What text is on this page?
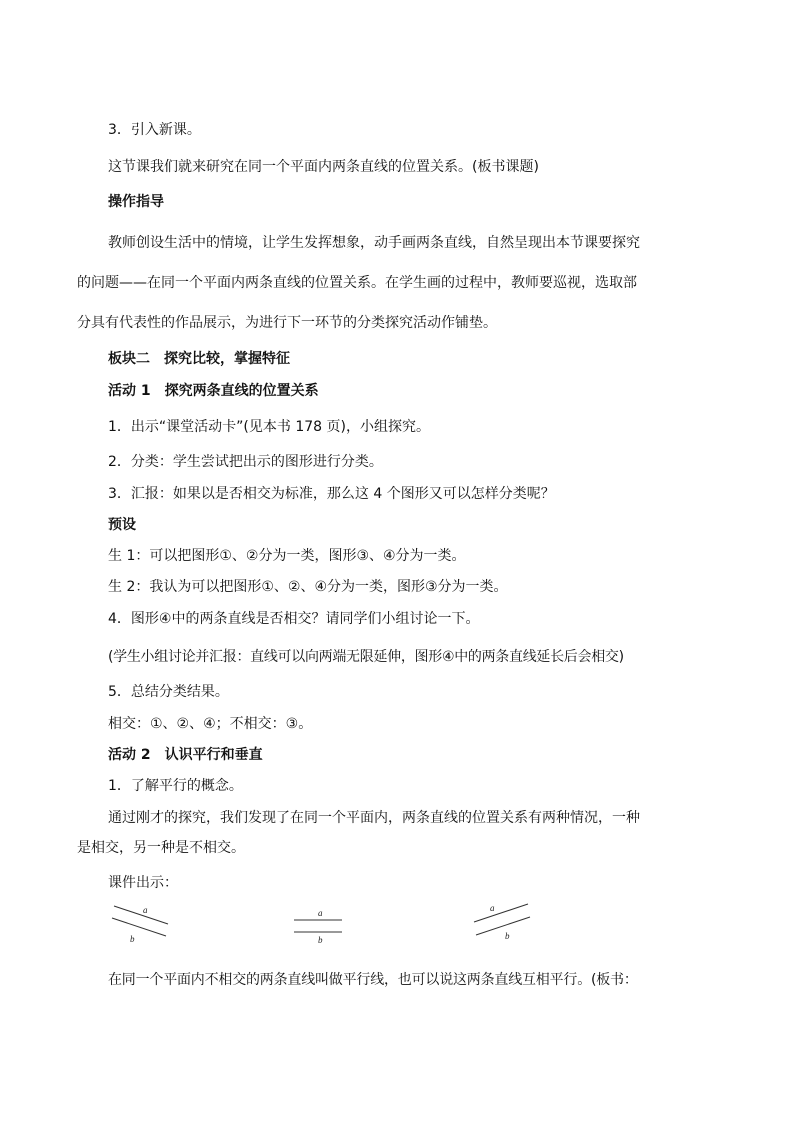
3．引入新课。
这节课我们就来研究在同一个平面内两条直线的位置关系。(板书课题)
操作指导
教师创设生活中的情境，让学生发挥想象，动手画两条直线，自然呈现出本节课要探究
的问题——在同一个平面内两条直线的位置关系。在学生画的过程中，教师要巡视，选取部
分具有代表性的作品展示，为进行下一环节的分类探究活动作铺垫。
板块二　探究比较，掌握特征
活动 1　探究两条直线的位置关系
1．出示“课堂活动卡”(见本书 178 页)，小组探究。
2．分类：学生尝试把出示的图形进行分类。
3．汇报：如果以是否相交为标准，那么这 4 个图形又可以怎样分类呢？
预设
生 1：可以把图形①、②分为一类，图形③、④分为一类。
生 2：我认为可以把图形①、②、④分为一类，图形③分为一类。
4．图形④中的两条直线是否相交？请同学们小组讨论一下。
(学生小组讨论并汇报：直线可以向两端无限延伸，图形④中的两条直线延长后会相交)
5．总结分类结果。
相交：①、②、④；不相交：③。
活动 2　认识平行和垂直
1．了解平行的概念。
通过刚才的探究，我们发现了在同一个平面内，两条直线的位置关系有两种情况，一种
是相交，另一种是不相交。
课件出示：
a
b
a
b
a
b
在同一个平面内不相交的两条直线叫做平行线，也可以说这两条直线互相平行。(板书：
